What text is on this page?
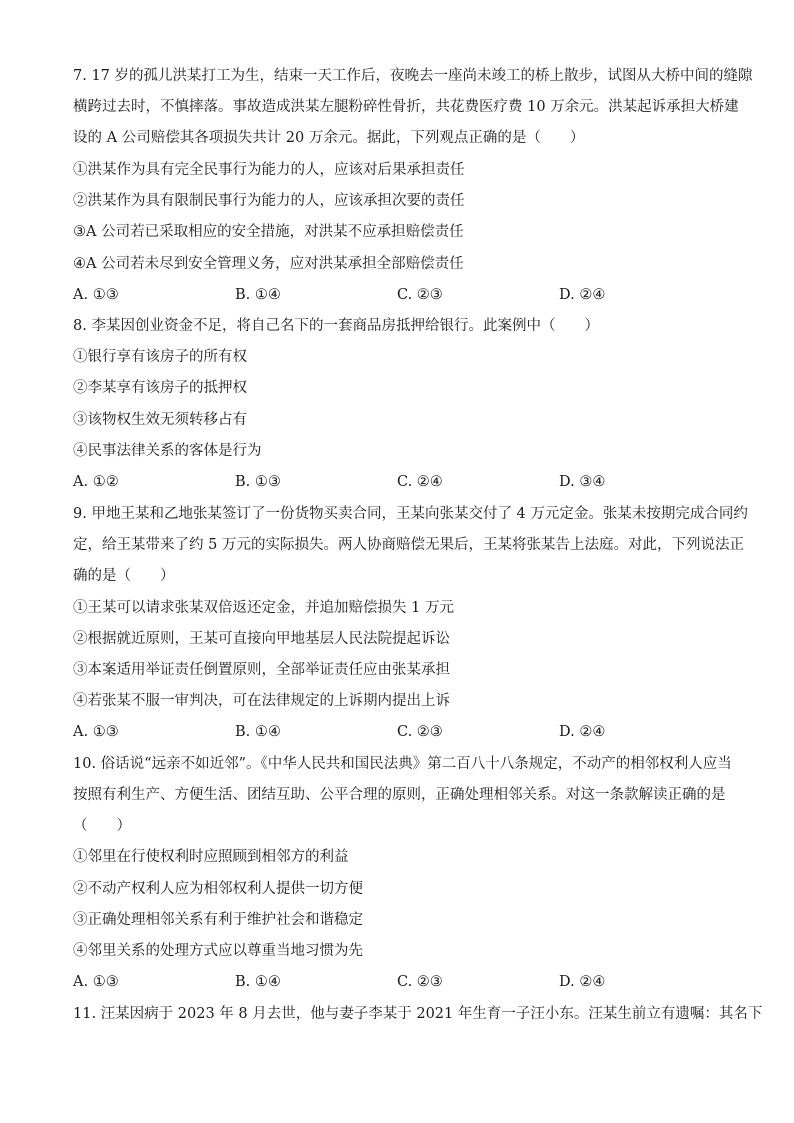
7. 17 岁的孤儿洪某打工为生，结束一天工作后，夜晚去一座尚未竣工的桥上散步，试图从大桥中间的缝隙
横跨过去时，不慎摔落。事故造成洪某左腿粉碎性骨折，共花费医疗费 10 万余元。洪某起诉承担大桥建
设的 A 公司赔偿其各项损失共计 20 万余元。据此，下列观点正确的是（　　）
①洪某作为具有完全民事行为能力的人，应该对后果承担责任
②洪某作为具有限制民事行为能力的人，应该承担次要的责任
③A 公司若已采取相应的安全措施，对洪某不应承担赔偿责任
④A 公司若未尽到安全管理义务，应对洪某承担全部赔偿责任
A. ①③	B. ①④	C. ②③	D. ②④
8. 李某因创业资金不足，将自己名下的一套商品房抵押给银行。此案例中（　　）
①银行享有该房子的所有权
②李某享有该房子的抵押权
③该物权生效无须转移占有
④民事法律关系的客体是行为
A. ①②	B. ①③	C. ②④	D. ③④
9. 甲地王某和乙地张某签订了一份货物买卖合同，王某向张某交付了 4 万元定金。张某未按期完成合同约
定，给王某带来了约 5 万元的实际损失。两人协商赔偿无果后，王某将张某告上法庭。对此，下列说法正
确的是（　　）
①王某可以请求张某双倍返还定金，并追加赔偿损失 1 万元
②根据就近原则，王某可直接向甲地基层人民法院提起诉讼
③本案适用举证责任倒置原则，全部举证责任应由张某承担
④若张某不服一审判决，可在法律规定的上诉期内提出上诉
A. ①③	B. ①④	C. ②③	D. ②④
10. 俗话说“远亲不如近邻”。《中华人民共和国民法典》第二百八十八条规定，不动产的相邻权利人应当
按照有利生产、方便生活、团结互助、公平合理的原则，正确处理相邻关系。对这一条款解读正确的是
（　　）
①邻里在行使权利时应照顾到相邻方的利益
②不动产权利人应为相邻权利人提供一切方便
③正确处理相邻关系有利于维护社会和谐稳定
④邻里关系的处理方式应以尊重当地习惯为先
A. ①③	B. ①④	C. ②③	D. ②④
11. 汪某因病于 2023 年 8 月去世，他与妻子李某于 2021 年生育一子汪小东。汪某生前立有遗嘱：其名下
